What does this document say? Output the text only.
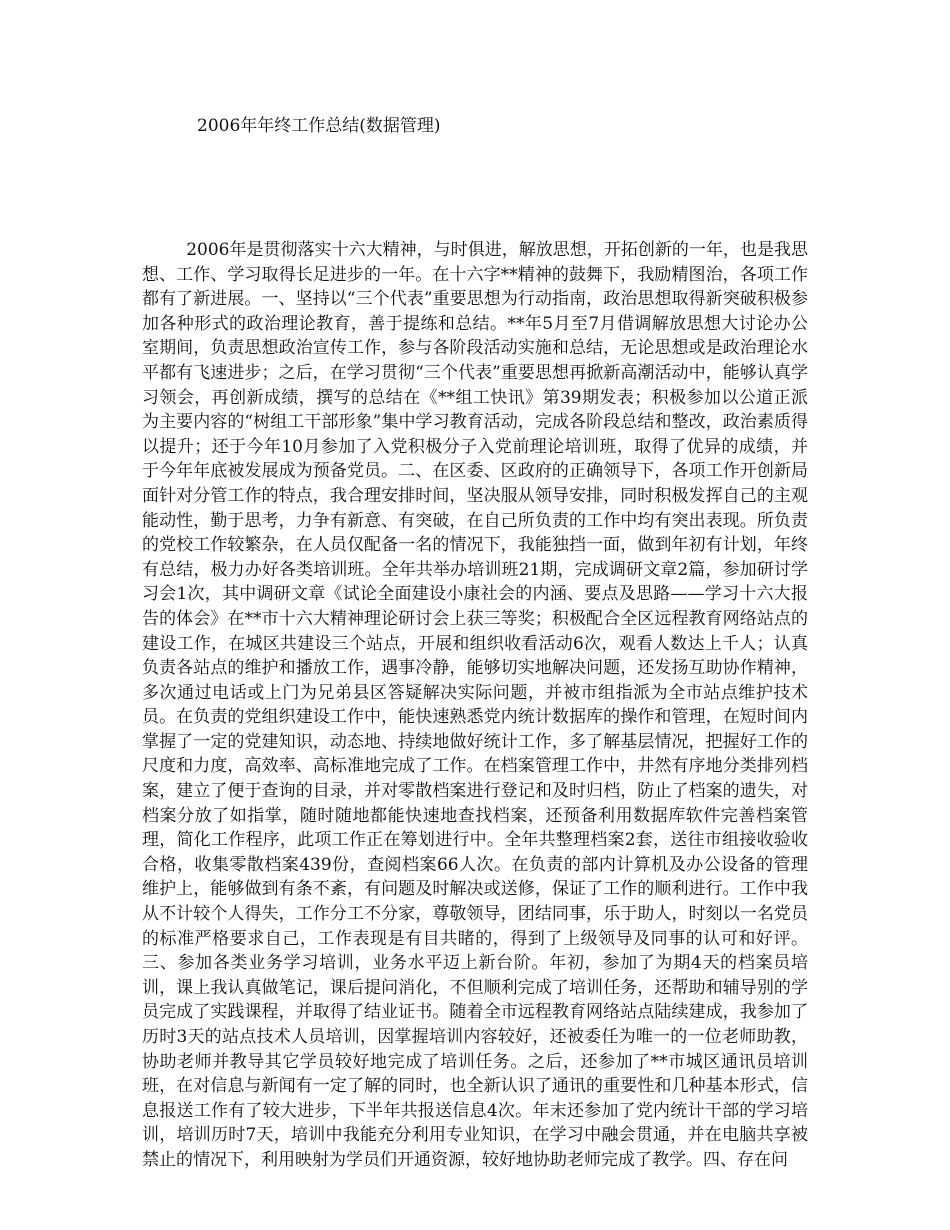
2006年年终工作总结(数据管理)

2006年是贯彻落实十六大精神，与时俱进，解放思想，开拓创新的一年，也是我思想、工作、学习取得长足进步的一年。在十六字**精神的鼓舞下，我励精图治，各项工作都有了新进展。一、坚持以“三个代表”重要思想为行动指南，政治思想取得新突破积极参加各种形式的政治理论教育，善于提练和总结。**年5月至7月借调解放思想大讨论办公室期间，负责思想政治宣传工作，参与各阶段活动实施和总结，无论思想或是政治理论水平都有飞速进步；之后，在学习贯彻“三个代表”重要思想再掀新高潮活动中，能够认真学习领会，再创新成绩，撰写的总结在《**组工快讯》第39期发表；积极参加以公道正派为主要内容的“树组工干部形象”集中学习教育活动，完成各阶段总结和整改，政治素质得以提升；还于今年10月参加了入党积极分子入党前理论培训班，取得了优异的成绩，并于今年年底被发展成为预备党员。二、在区委、区政府的正确领导下，各项工作开创新局面针对分管工作的特点，我合理安排时间，坚决服从领导安排，同时积极发挥自己的主观能动性，勤于思考，力争有新意、有突破，在自己所负责的工作中均有突出表现。所负责的党校工作较繁杂，在人员仅配备一名的情况下，我能独挡一面，做到年初有计划，年终有总结，极力办好各类培训班。全年共举办培训班21期，完成调研文章2篇，参加研讨学习会1次，其中调研文章《试论全面建设小康社会的内涵、要点及思路——学习十六大报告的体会》在**市十六大精神理论研讨会上获三等奖；积极配合全区远程教育网络站点的建设工作，在城区共建设三个站点，开展和组织收看活动6次，观看人数达上千人；认真负责各站点的维护和播放工作，遇事冷静，能够切实地解决问题，还发扬互助协作精神，多次通过电话或上门为兄弟县区答疑解决实际问题，并被市组指派为全市站点维护技术员。在负责的党组织建设工作中，能快速熟悉党内统计数据库的操作和管理，在短时间内掌握了一定的党建知识，动态地、持续地做好统计工作，多了解基层情况，把握好工作的尺度和力度，高效率、高标准地完成了工作。在档案管理工作中，井然有序地分类排列档案，建立了便于查询的目录，并对零散档案进行登记和及时归档，防止了档案的遗失，对档案分放了如指掌，随时随地都能快速地查找档案，还预备利用数据库软件完善档案管理，简化工作程序，此项工作正在筹划进行中。全年共整理档案2套，送往市组接收验收合格，收集零散档案439份，查阅档案66人次。在负责的部内计算机及办公设备的管理维护上，能够做到有条不紊，有问题及时解决或送修，保证了工作的顺利进行。工作中我从不计较个人得失，工作分工不分家，尊敬领导，团结同事，乐于助人，时刻以一名党员的标准严格要求自己，工作表现是有目共睹的，得到了上级领导及同事的认可和好评。三、参加各类业务学习培训，业务水平迈上新台阶。年初，参加了为期4天的档案员培训，课上我认真做笔记，课后提问消化，不但顺利完成了培训任务，还帮助和辅导别的学员完成了实践课程，并取得了结业证书。随着全市远程教育网络站点陆续建成，我参加了历时3天的站点技术人员培训，因掌握培训内容较好，还被委任为唯一的一位老师助教，协助老师并教导其它学员较好地完成了培训任务。之后，还参加了**市城区通讯员培训班，在对信息与新闻有一定了解的同时，也全新认识了通讯的重要性和几种基本形式，信息报送工作有了较大进步，下半年共报送信息4次。年末还参加了党内统计干部的学习培训，培训历时7天，培训中我能充分利用专业知识，在学习中融会贯通，并在电脑共享被禁止的情况下，利用映射为学员们开通资源，较好地协助老师完成了教学。四、存在问
